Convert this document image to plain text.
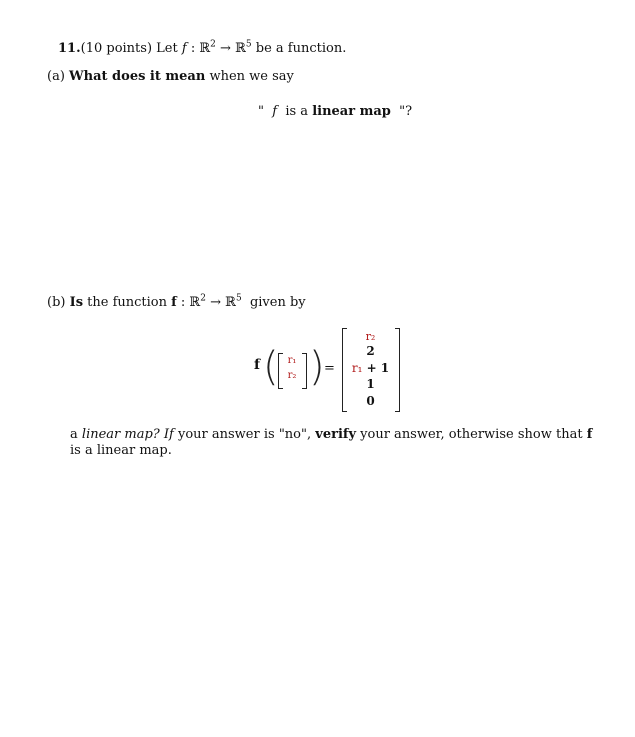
11.(10 points) Let f : ℝ$^2$ → ℝ$^5$ be a function.
(a) What does it mean when we say
" f is a linear map "?
(b) Is the function f : ℝ$^2$ → ℝ$^5$ given by
f ( r₁
r₂ ) =
r₂
2
r₁ + 1
1
0
a linear map? If your answer is "no", verify your answer, otherwise show that f is a linear map.
